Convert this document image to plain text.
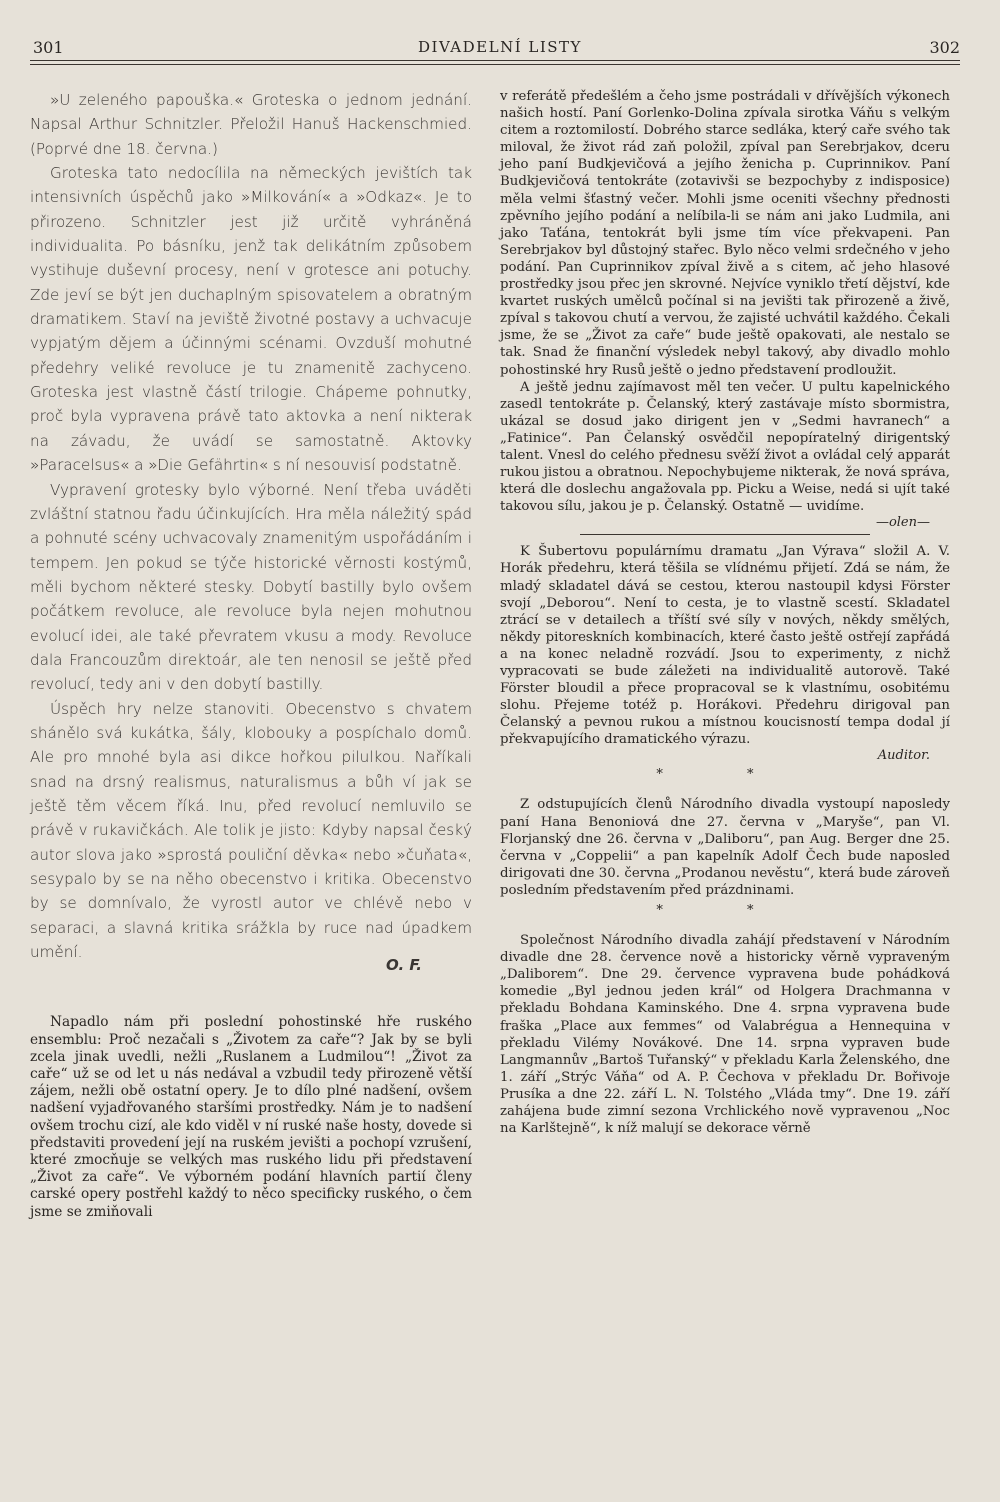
301	DIVADELNÍ LISTY	302

»U zeleného papouška.« Groteska o jednom jednání. Napsal Arthur Schnitzler. Přeložil Hanuš Hackenschmied. (Poprvé dne 18. června.)

Groteska tato nedocílila na německých jevištích tak intensivních úspěchů jako »Milkování« a »Odkaz«. Je to přirozeno. Schnitzler jest již určitě vyhráněná individualita. Po básníku, jenž tak delikátním způsobem vystihuje duševní procesy, není v grotesce ani potuchy. Zde jeví se být jen duchaplným spisovatelem a obratným dramatikem. Staví na jeviště životné postavy a uchvacuje vypjatým dějem a účinnými scénami. Ovzduší mohutné předehry veliké revoluce je tu znamenitě zachyceno. Groteska jest vlastně částí trilogie. Chápeme pohnutky, proč byla vypravena právě tato aktovka a není nikterak na závadu, že uvádí se samostatně. Aktovky »Paracelsus« a »Die Gefährtin« s ní nesouvisí podstatně.

Vypravení grotesky bylo výborné. Není třeba uváděti zvláštní statnou řadu účinkujících. Hra měla náležitý spád a pohnuté scény uchvacovaly znamenitým uspořádáním i tempem. Jen pokud se týče historické věrnosti kostýmů, měli bychom některé stesky. Dobytí bastilly bylo ovšem počátkem revoluce, ale revoluce byla nejen mohutnou evolucí idei, ale také převratem vkusu a mody. Revoluce dala Francouzům direktoár, ale ten nenosil se ještě před revolucí, tedy ani v den dobytí bastilly.

Úspěch hry nelze stanoviti. Obecenstvo s chvatem shánělo svá kukátka, šály, klobouky a pospíchalo domů. Ale pro mnohé byla asi dikce hořkou pilulkou. Naříkali snad na drsný realismus, naturalismus a bůh ví jak se ještě těm věcem říká. Inu, před revolucí nemluvilo se právě v rukavičkách. Ale tolik je jisto: Kdyby napsal český autor slova jako »sprostá pouliční děvka« nebo »čuňata«, sesypalo by se na něho obecenstvo i kritika. Obecenstvo by se domnívalo, že vyrostl autor ve chlévě nebo v separaci, a slavná kritika srážkla by ruce nad úpadkem umění.

O. F.

Napadlo nám při poslední pohostinské hře ruského ensemblu: Proč nezačali s „Životem za caře“? Jak by se byli zcela jinak uvedli, nežli „Ruslanem a Ludmilou“! „Život za caře“ už se od let u nás nedával a vzbudil tedy přirozeně větší zájem, nežli obě ostatní opery. Je to dílo plné nadšení, ovšem nadšení vyjadřovaného staršími prostředky. Nám je to nadšení ovšem trochu cizí, ale kdo viděl v ní ruské naše hosty, dovede si představiti provedení její na ruském jevišti a pochopí vzrušení, které zmocňuje se velkých mas ruského lidu při představení „Život za caře“. Ve výborném podání hlavních partií členy carské opery postřehl každý to něco specificky ruského, o čem jsme se zmiňovali

v referátě předešlém a čeho jsme postrádali v dřívějších výkonech našich hostí. Paní Gorlenko-Dolina zpívala sirotka Váňu s velkým citem a roztomilostí. Dobrého starce sedláka, který caře svého tak miloval, že život rád zaň položil, zpíval pan Serebrjakov, dceru jeho paní Budkjevičová a jejího ženicha p. Cuprinnikov. Paní Budkjevičová tentokráte (zotavivši se bezpochyby z indisposice) měla velmi šťastný večer. Mohli jsme oceniti všechny přednosti zpěvního jejího podání a nelíbila-li se nám ani jako Ludmila, ani jako Taťána, tentokrát byli jsme tím více překvapeni. Pan Serebrjakov byl důstojný stařec. Bylo něco velmi srdečného v jeho podání. Pan Cuprinnikov zpíval živě a s citem, ač jeho hlasové prostředky jsou přec jen skrovné. Nejvíce vyniklo třetí dějství, kde kvartet ruských umělců počínal si na jevišti tak přirozeně a živě, zpíval s takovou chutí a vervou, že zajisté uchvátil každého. Čekali jsme, že se „Život za caře“ bude ještě opakovati, ale nestalo se tak. Snad že finanční výsledek nebyl takový, aby divadlo mohlo pohostinské hry Rusů ještě o jedno představení prodloužit.

A ještě jednu zajímavost měl ten večer. U pultu kapelnického zasedl tentokráte p. Čelanský, který zastávaje místo sbormistra, ukázal se dosud jako dirigent jen v „Sedmi havranech“ a „Fatinice“. Pan Čelanský osvědčil nepopíratelný dirigentský talent. Vnesl do celého přednesu svěží život a ovládal celý apparát rukou jistou a obratnou. Nepochybujeme nikterak, že nová správa, která dle doslechu angažovala pp. Picku a Weise, nedá si ujít také takovou sílu, jakou je p. Čelanský. Ostatně — uvidíme.

—olen—

K Šubertovu populárnímu dramatu „Jan Výrava“ složil A. V. Horák předehru, která těšila se vlídnému přijetí. Zdá se nám, že mladý skladatel dává se cestou, kterou nastoupil kdysi Förster svojí „Deborou“. Není to cesta, je to vlastně scestí. Skladatel ztrácí se v detailech a tříští své síly v nových, někdy smělých, někdy pitoreskních kombinacích, které často ještě ostřejí zapřádá a na konec neladně rozvádí. Jsou to experimenty, z nichž vypracovati se bude záležeti na individualitě autorově. Také Förster bloudil a přece propracoval se k vlastnímu, osobitému slohu. Přejeme totéž p. Horákovi. Předehru dirigoval pan Čelanský a pevnou rukou a místnou koucisností tempa dodal jí překvapujícího dramatického výrazu.

Auditor.
* *

Z odstupujících členů Národního divadla vystoupí naposledy paní Hana Benoniová dne 27. června v „Maryše“, pan Vl. Florjanský dne 26. června v „Daliboru“, pan Aug. Berger dne 25. června v „Coppelii“ a pan kapelník Adolf Čech bude naposled dirigovati dne 30. června „Prodanou nevěstu“, která bude zároveň posledním představením před prázdninami.

* *

Společnost Národního divadla zahájí představení v Národním divadle dne 28. července nově a historicky věrně vypraveným „Daliborem“. Dne 29. července vypravena bude pohádková komedie „Byl jednou jeden král“ od Holgera Drachmanna v překladu Bohdana Kaminského. Dne 4. srpna vypravena bude fraška „Place aux femmes“ od Valabrégua a Hennequina v překladu Vilémy Novákové. Dne 14. srpna vypraven bude Langmannův „Bartoš Tuřanský“ v překladu Karla Želenského, dne 1. září „Strýc Váňa“ od A. P. Čechova v překladu Dr. Bořivoje Prusíka a dne 22. září L. N. Tolstého „Vláda tmy“. Dne 19. září zahájena bude zimní sezona Vrchlického nově vypravenou „Noc na Karlštejně“, k níž malují se dekorace věrně
